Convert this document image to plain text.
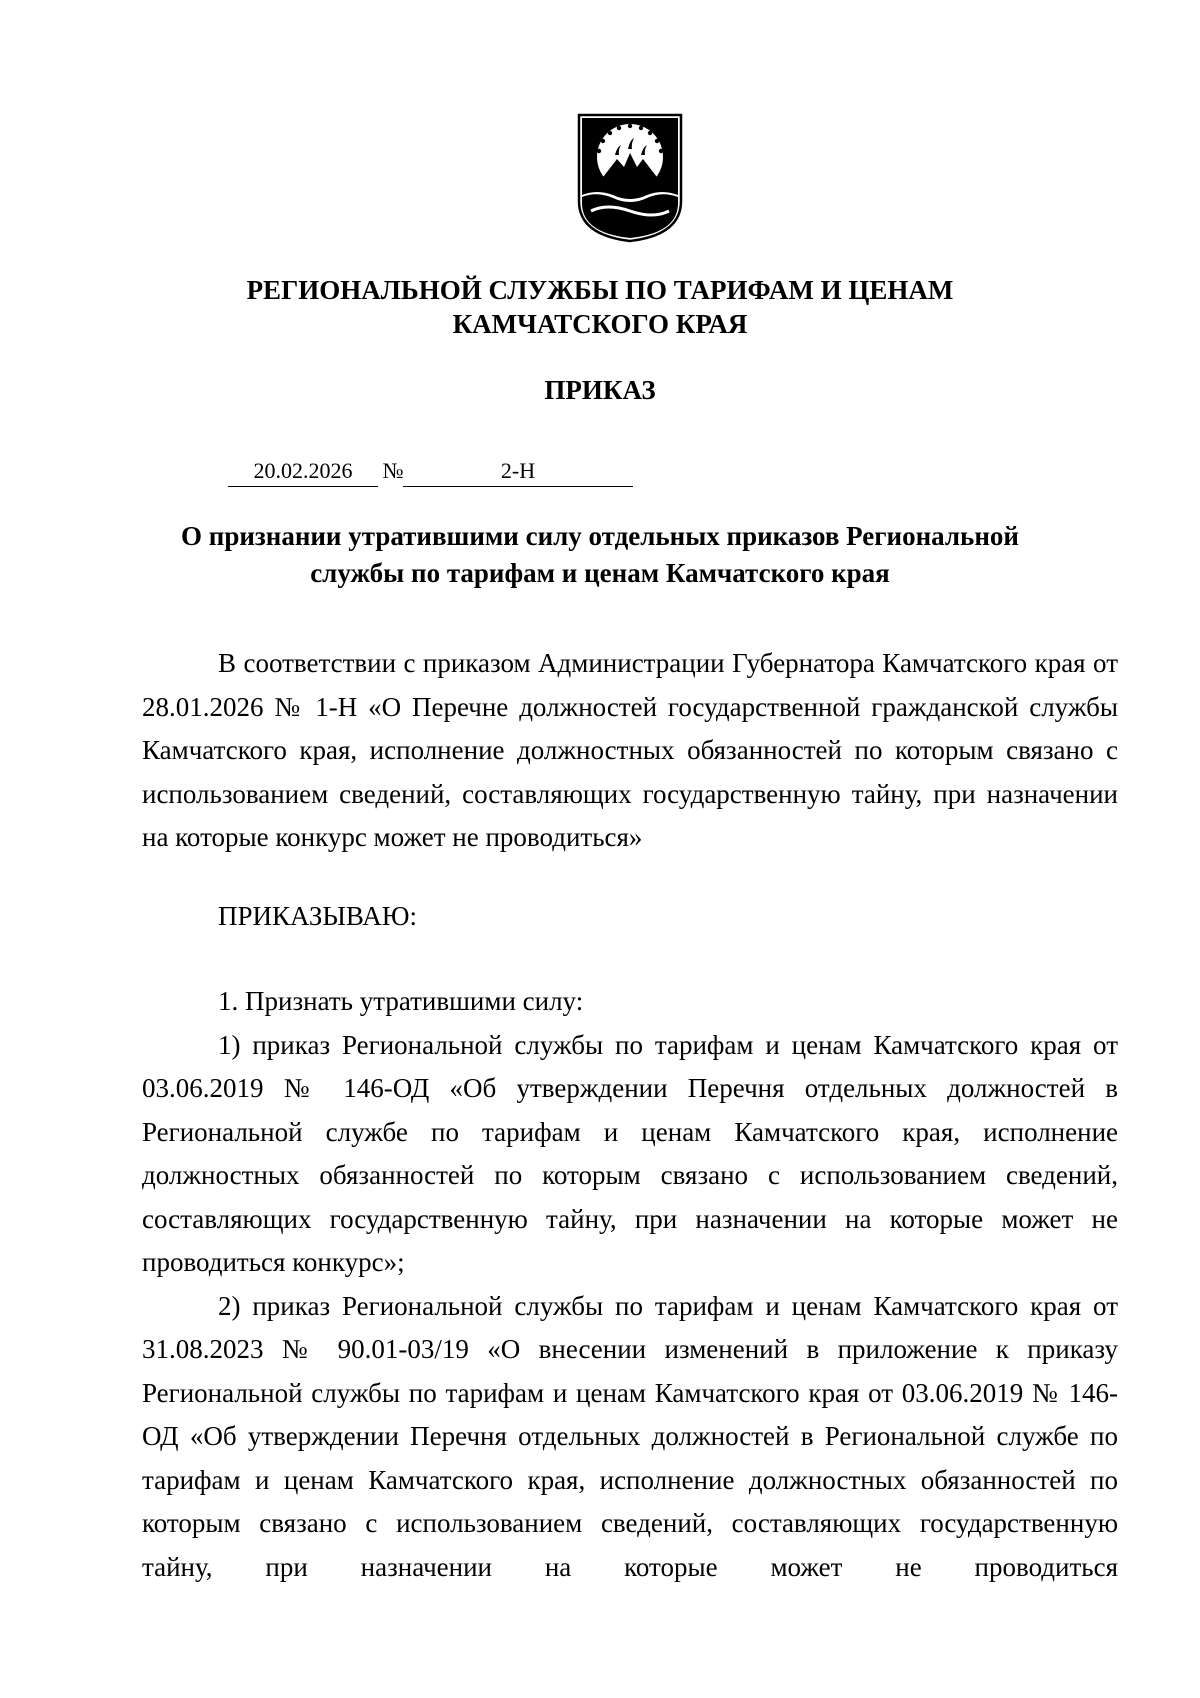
РЕГИОНАЛЬНОЙ СЛУЖБЫ ПО ТАРИФАМ И ЦЕНАМ
КАМЧАТСКОГО КРАЯ
ПРИКАЗ
20.02.2026	№	2-Н
О признании утратившими силу отдельных приказов Региональной
службы по тарифам и ценам Камчатского края

В соответствии с приказом Администрации Губернатора Камчатского края от 28.01.2026 № 1-Н «О Перечне должностей государственной гражданской службы Камчатского края, исполнение должностных обязанностей по которым связано с использованием сведений, составляющих государственную тайну, при назначении на которые конкурс может не проводиться»

ПРИКАЗЫВАЮ:

1. Признать утратившими силу:

1) приказ Региональной службы по тарифам и ценам Камчатского края от 03.06.2019 № 146-ОД «Об утверждении Перечня отдельных должностей в Региональной службе по тарифам и ценам Камчатского края, исполнение должностных обязанностей по которым связано с использованием сведений, составляющих государственную тайну, при назначении на которые может не проводиться конкурс»;

2) приказ Региональной службы по тарифам и ценам Камчатского края от 31.08.2023 № 90.01-03/19 «О внесении изменений в приложение к приказу Региональной службы по тарифам и ценам Камчатского края от 03.06.2019 № 146-ОД «Об утверждении Перечня отдельных должностей в Региональной службе по тарифам и ценам Камчатского края, исполнение должностных обязанностей по которым связано с использованием сведений, составляющих государственную тайну, при назначении на которые может не проводиться
